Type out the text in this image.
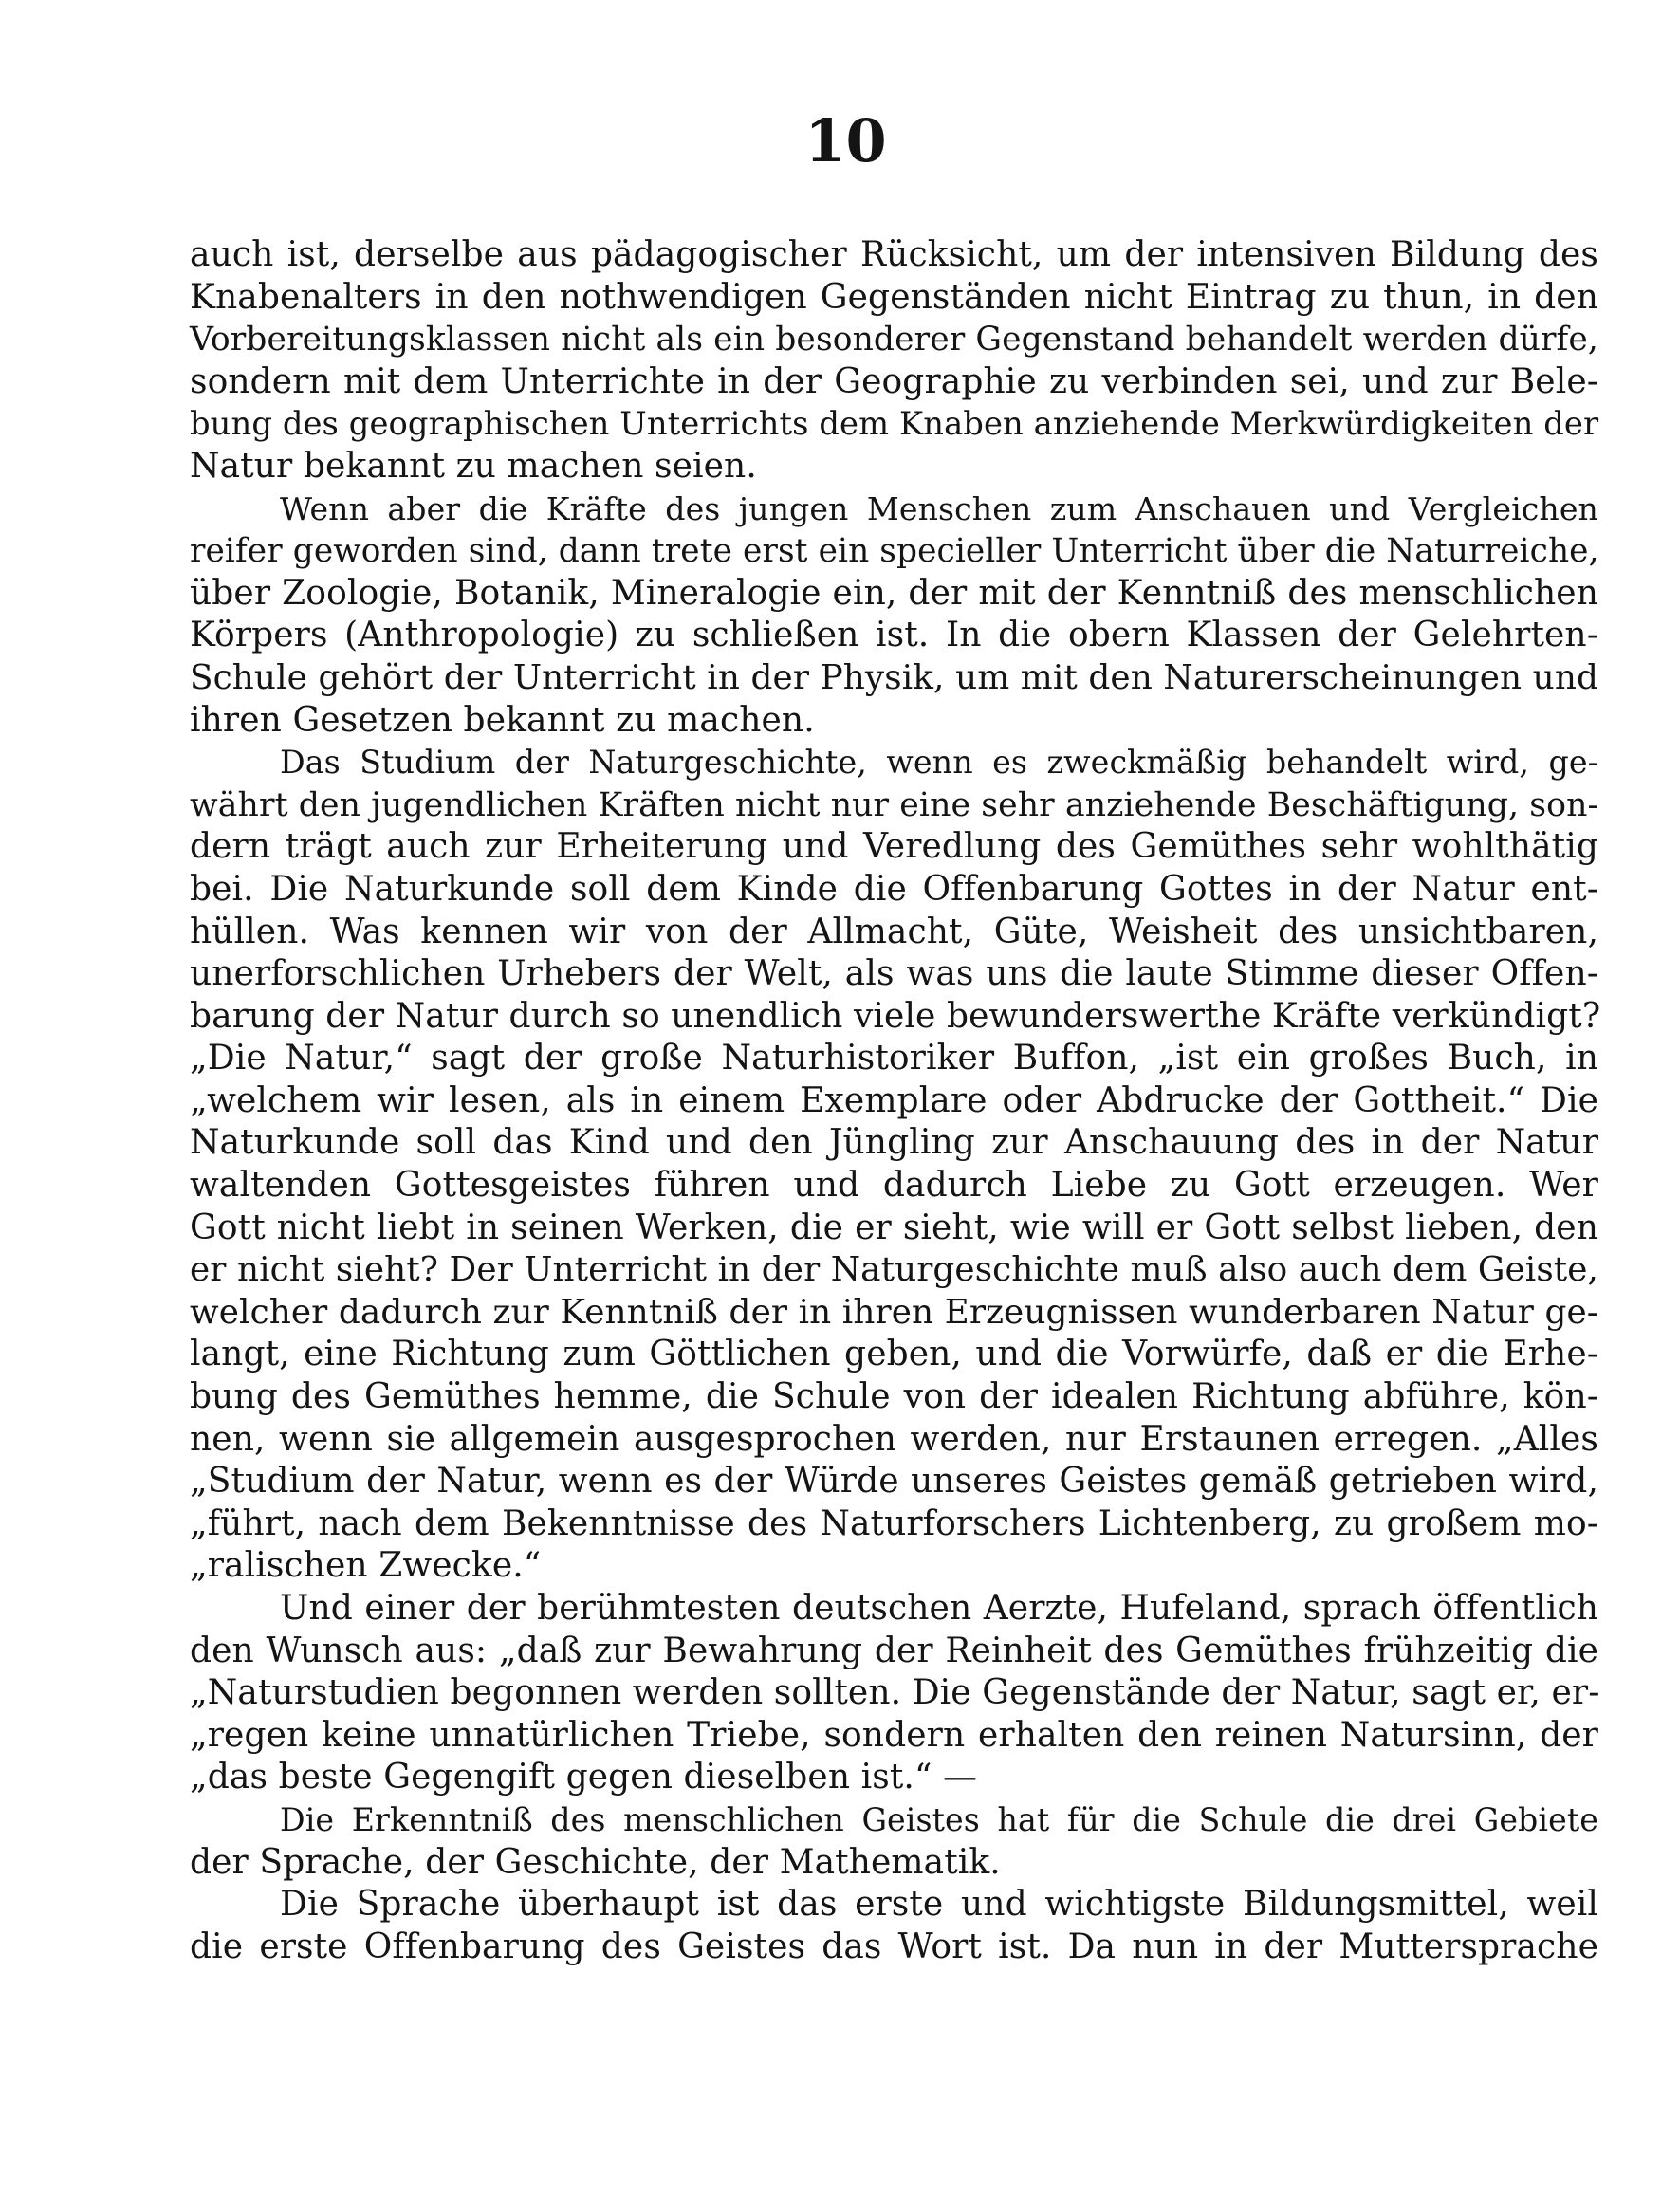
10
auch ist, derselbe aus pädagogischer Rücksicht, um der intensiven Bildung des
Knabenalters in den nothwendigen Gegenständen nicht Eintrag zu thun, in den
Vorbereitungsklassen nicht als ein besonderer Gegenstand behandelt werden dürfe,
sondern mit dem Unterrichte in der Geographie zu verbinden sei, und zur Bele-
bung des geographischen Unterrichts dem Knaben anziehende Merkwürdigkeiten der
Natur bekannt zu machen seien.
Wenn aber die Kräfte des jungen Menschen zum Anschauen und Vergleichen
reifer geworden sind, dann trete erst ein specieller Unterricht über die Naturreiche,
über Zoologie, Botanik, Mineralogie ein, der mit der Kenntniß des menschlichen
Körpers (Anthropologie) zu schließen ist. In die obern Klassen der Gelehrten-
Schule gehört der Unterricht in der Physik, um mit den Naturerscheinungen und
ihren Gesetzen bekannt zu machen.
Das Studium der Naturgeschichte, wenn es zweckmäßig behandelt wird, ge-
währt den jugendlichen Kräften nicht nur eine sehr anziehende Beschäftigung, son-
dern trägt auch zur Erheiterung und Veredlung des Gemüthes sehr wohlthätig
bei. Die Naturkunde soll dem Kinde die Offenbarung Gottes in der Natur ent-
hüllen. Was kennen wir von der Allmacht, Güte, Weisheit des unsichtbaren,
unerforschlichen Urhebers der Welt, als was uns die laute Stimme dieser Offen-
barung der Natur durch so unendlich viele bewunderswerthe Kräfte verkündigt?
„Die Natur,“ sagt der große Naturhistoriker Buffon, „ist ein großes Buch, in
„welchem wir lesen, als in einem Exemplare oder Abdrucke der Gottheit.“ Die
Naturkunde soll das Kind und den Jüngling zur Anschauung des in der Natur
waltenden Gottesgeistes führen und dadurch Liebe zu Gott erzeugen. Wer
Gott nicht liebt in seinen Werken, die er sieht, wie will er Gott selbst lieben, den
er nicht sieht? Der Unterricht in der Naturgeschichte muß also auch dem Geiste,
welcher dadurch zur Kenntniß der in ihren Erzeugnissen wunderbaren Natur ge-
langt, eine Richtung zum Göttlichen geben, und die Vorwürfe, daß er die Erhe-
bung des Gemüthes hemme, die Schule von der idealen Richtung abführe, kön-
nen, wenn sie allgemein ausgesprochen werden, nur Erstaunen erregen. „Alles
„Studium der Natur, wenn es der Würde unseres Geistes gemäß getrieben wird,
„führt, nach dem Bekenntnisse des Naturforschers Lichtenberg, zu großem mo-
„ralischen Zwecke.“
Und einer der berühmtesten deutschen Aerzte, Hufeland, sprach öffentlich
den Wunsch aus: „daß zur Bewahrung der Reinheit des Gemüthes frühzeitig die
„Naturstudien begonnen werden sollten. Die Gegenstände der Natur, sagt er, er-
„regen keine unnatürlichen Triebe, sondern erhalten den reinen Natursinn, der
„das beste Gegengift gegen dieselben ist.“ —
Die Erkenntniß des menschlichen Geistes hat für die Schule die drei Gebiete
der Sprache, der Geschichte, der Mathematik.
Die Sprache überhaupt ist das erste und wichtigste Bildungsmittel, weil
die erste Offenbarung des Geistes das Wort ist. Da nun in der Muttersprache
